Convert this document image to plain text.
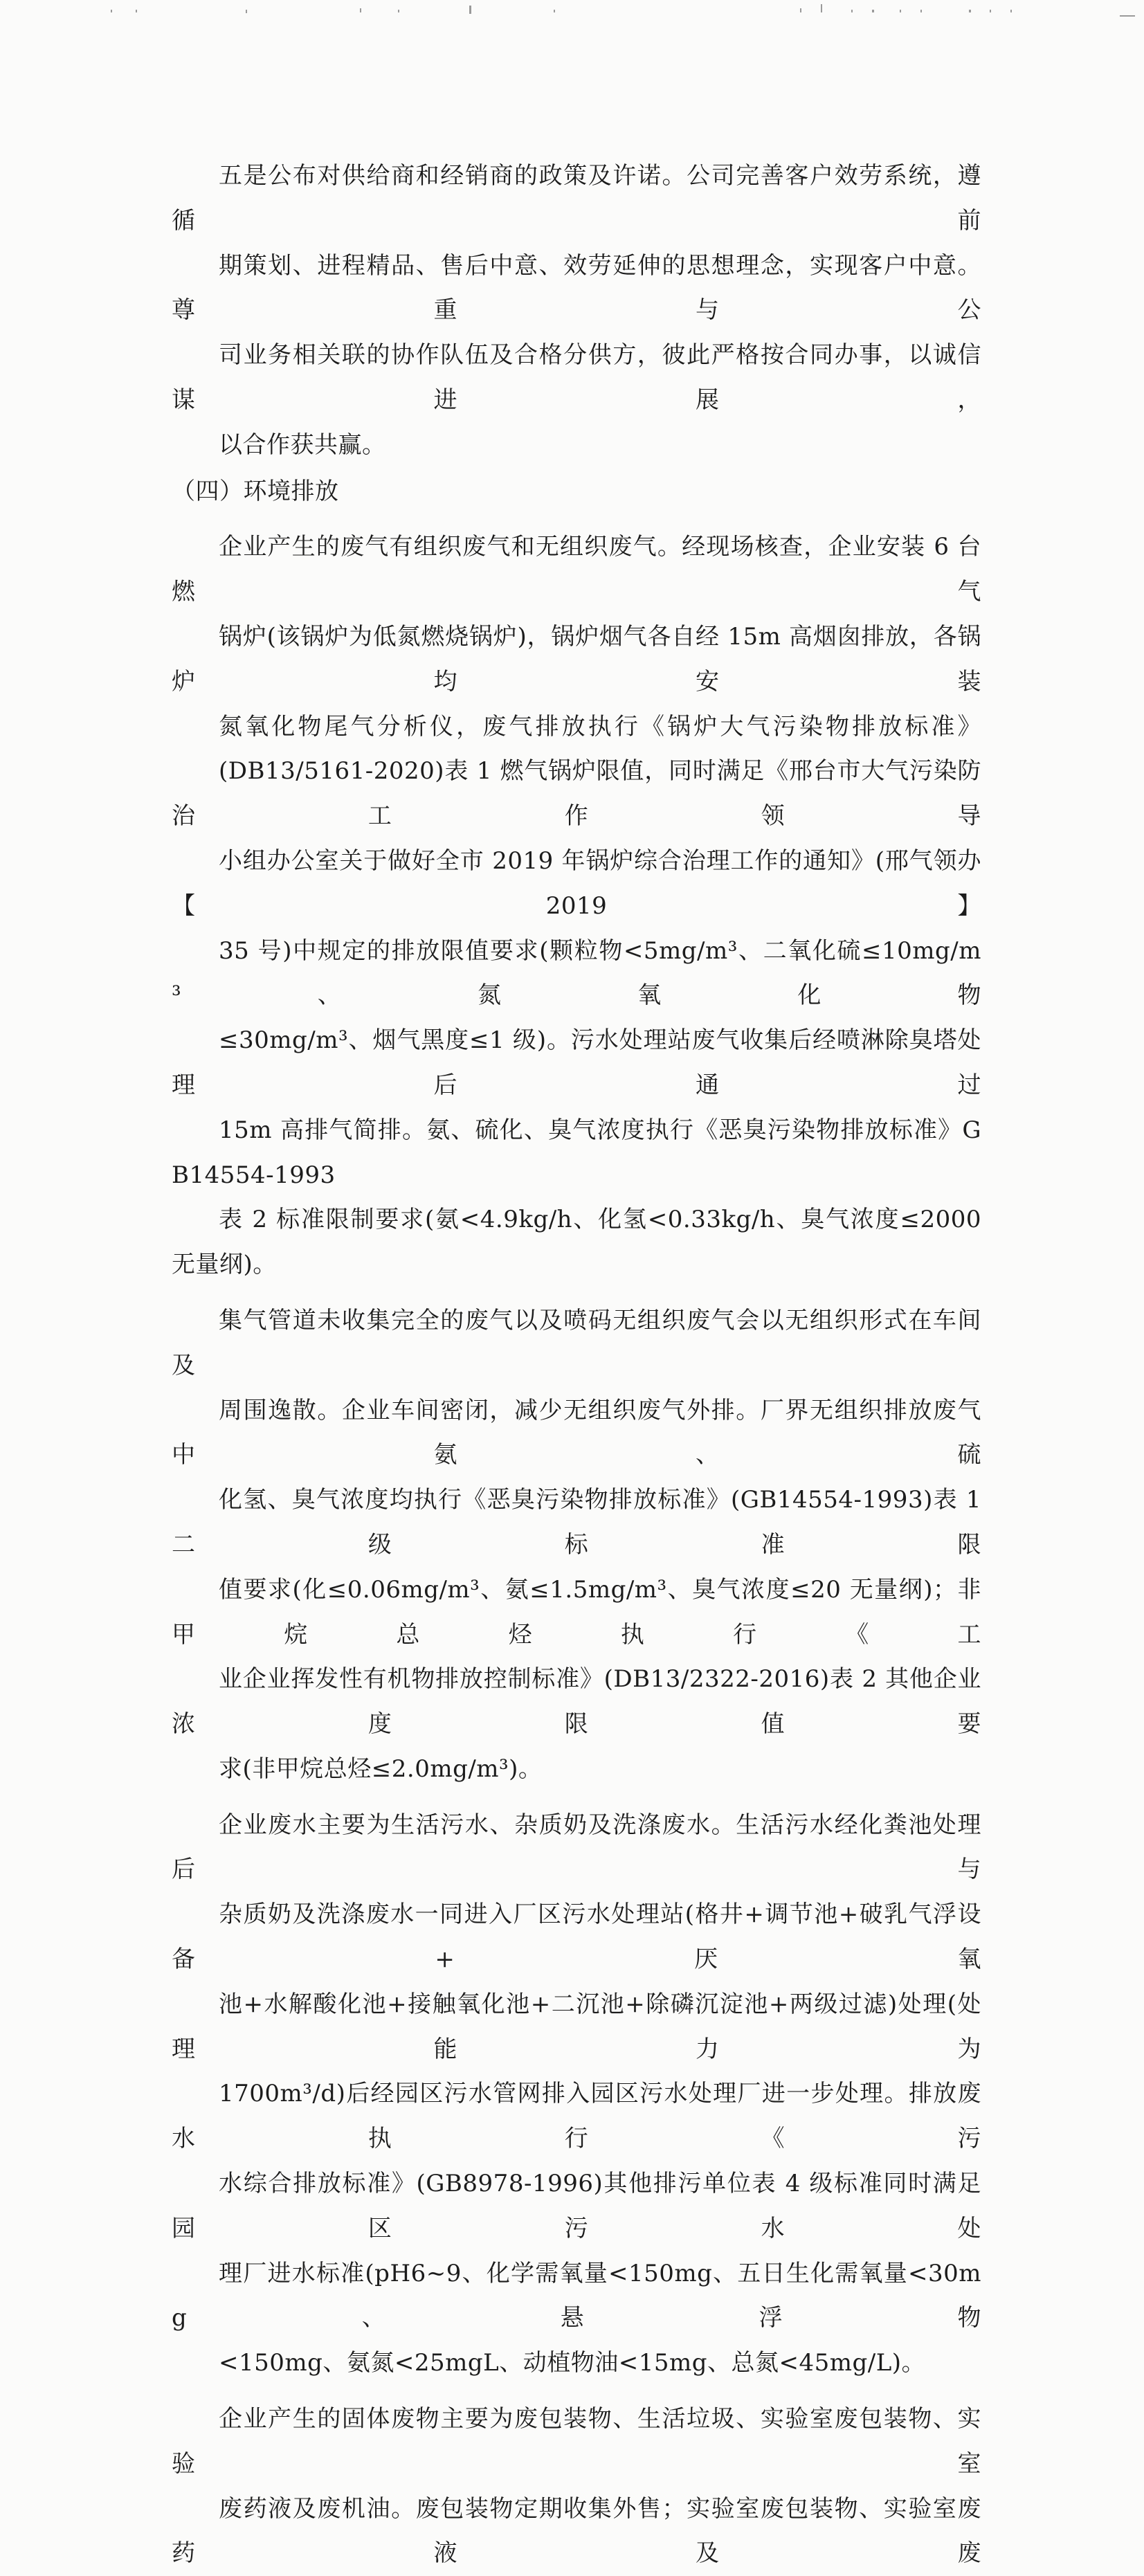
五是公布对供给商和经销商的政策及许诺。公司完善客户效劳系统，遵循前
期策划、进程精品、售后中意、效劳延伸的思想理念，实现客户中意。尊重与公
司业务相关联的协作队伍及合格分供方，彼此严格按合同办事，以诚信谋进展，
以合作获共赢。

（四）环境排放

企业产生的废气有组织废气和无组织废气。经现场核查，企业安装 6 台燃气
锅炉(该锅炉为低氮燃烧锅炉)，锅炉烟气各自经 15m 高烟囱排放，各锅炉均安装
氮氧化物尾气分析仪，废气排放执行《锅炉大气污染物排放标准》
(DB13/5161-2020)表 1 燃气锅炉限值，同时满足《邢台市大气污染防治工作领导
小组办公室关于做好全市 2019 年锅炉综合治理工作的通知》(邢气领办【2019】
35 号)中规定的排放限值要求(颗粒物<5mg/m³、二氧化硫≤10mg/m³、氮氧化物
≤30mg/m³、烟气黑度≤1 级)。污水处理站废气收集后经喷淋除臭塔处理后通过
15m 高排气简排。氨、硫化、臭气浓度执行《恶臭污染物排放标准》GB14554-1993
表 2 标准限制要求(氨<4.9kg/h、化氢<0.33kg/h、臭气浓度≤2000 无量纲)。

集气管道未收集完全的废气以及喷码无组织废气会以无组织形式在车间及
周围逸散。企业车间密闭，减少无组织废气外排。厂界无组织排放废气中氨、硫
化氢、臭气浓度均执行《恶臭污染物排放标准》(GB14554-1993)表 1 二级标准限
值要求(化≤0.06mg/m³、氨≤1.5mg/m³、臭气浓度≤20 无量纲)；非甲烷总烃执行《工
业企业挥发性有机物排放控制标准》(DB13/2322-2016)表 2 其他企业浓度限值要
求(非甲烷总烃≤2.0mg/m³)。

企业废水主要为生活污水、杂质奶及洗涤废水。生活污水经化粪池处理后与
杂质奶及洗涤废水一同进入厂区污水处理站(格井+调节池+破乳气浮设备+厌氧
池+水解酸化池+接触氧化池+二沉池+除磷沉淀池+两级过滤)处理(处理能力为
1700m³/d)后经园区污水管网排入园区污水处理厂进一步处理。排放废水执行《污
水综合排放标准》(GB8978-1996)其他排污单位表 4 级标准同时满足园区污水处
理厂进水标准(pH6~9、化学需氧量<150mg、五日生化需氧量<30mg、悬浮物
<150mg、氨氮<25mgL、动植物油<15mg、总氮<45mg/L)。

企业产生的固体废物主要为废包装物、生活垃圾、实验室废包装物、实验室
废药液及废机油。废包装物定期收集外售；实验室废包装物、实验室废药液及废
